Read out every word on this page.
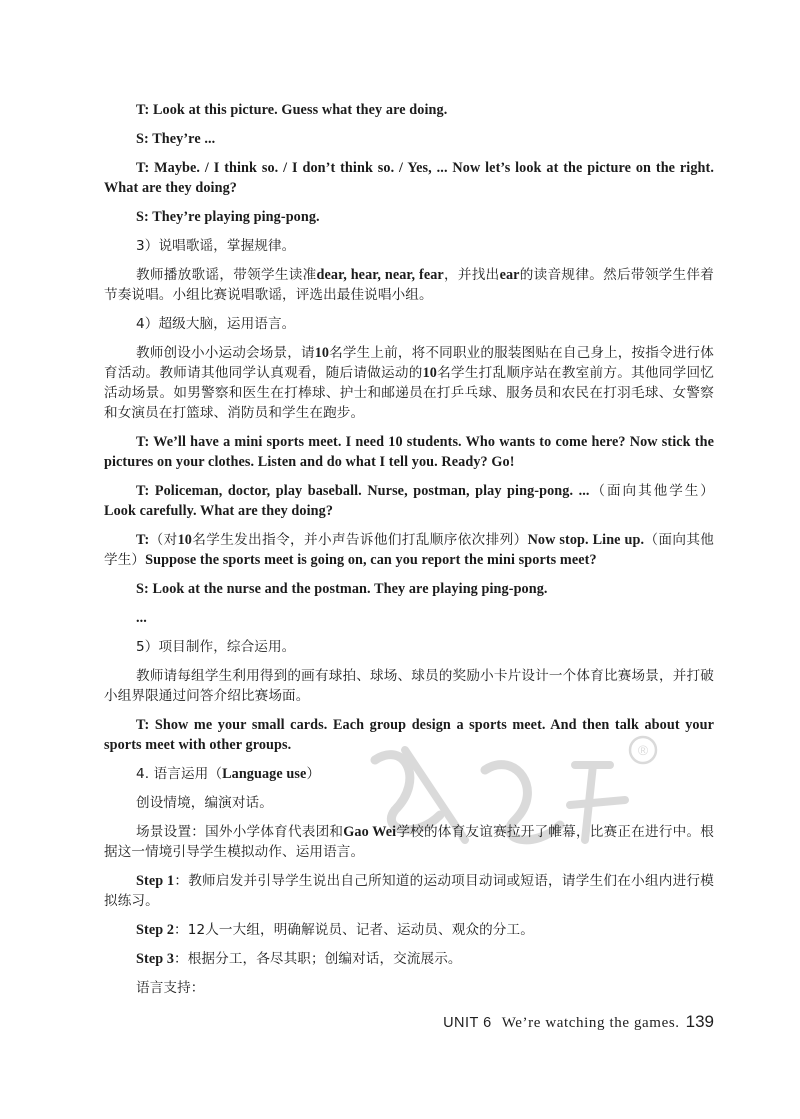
T: Look at this picture. Guess what they are doing.
S: They’re ...
T: Maybe. / I think so. / I don’t think so. / Yes, ... Now let’s look at the picture on the right. What are they doing?
S: They’re playing ping-pong.
3）说唱歌谣，掌握规律。
教师播放歌谣，带领学生读准dear, hear, near, fear，并找出ear的读音规律。然后带领学生伴着节奏说唱。小组比赛说唱歌谣，评选出最佳说唱小组。
4）超级大脑，运用语言。
教师创设小小运动会场景，请10名学生上前，将不同职业的服装图贴在自己身上，按指令进行体育活动。教师请其他同学认真观看，随后请做运动的10名学生打乱顺序站在教室前方。其他同学回忆活动场景。如男警察和医生在打棒球、护士和邮递员在打乒乓球、服务员和农民在打羽毛球、女警察和女演员在打篮球、消防员和学生在跑步。
T: We’ll have a mini sports meet. I need 10 students. Who wants to come here? Now stick the pictures on your clothes. Listen and do what I tell you. Ready? Go!
T: Policeman, doctor, play baseball. Nurse, postman, play ping-pong. ...（面向其他学生）Look carefully. What are they doing?
T:（对10名学生发出指令，并小声告诉他们打乱顺序依次排列）Now stop. Line up.（面向其他学生）Suppose the sports meet is going on, can you report the mini sports meet?
S: Look at the nurse and the postman. They are playing ping-pong.
...
5）项目制作，综合运用。
教师请每组学生利用得到的画有球拍、球场、球员的奖励小卡片设计一个体育比赛场景，并打破小组界限通过问答介绍比赛场面。
T: Show me your small cards. Each group design a sports meet. And then talk about your sports meet with other groups.
4. 语言运用（Language use）
创设情境，编演对话。
场景设置：国外小学体育代表团和Gao Wei学校的体育友谊赛拉开了帷幕，比赛正在进行中。根据这一情境引导学生模拟动作、运用语言。
Step 1：教师启发并引导学生说出自己所知道的运动项目动词或短语，请学生们在小组内进行模拟练习。
Step 2：12人一大组，明确解说员、记者、运动员、观众的分工。
Step 3：根据分工，各尽其职；创编对话，交流展示。
语言支持：
®
UNIT 6 We’re watching the games. 139
